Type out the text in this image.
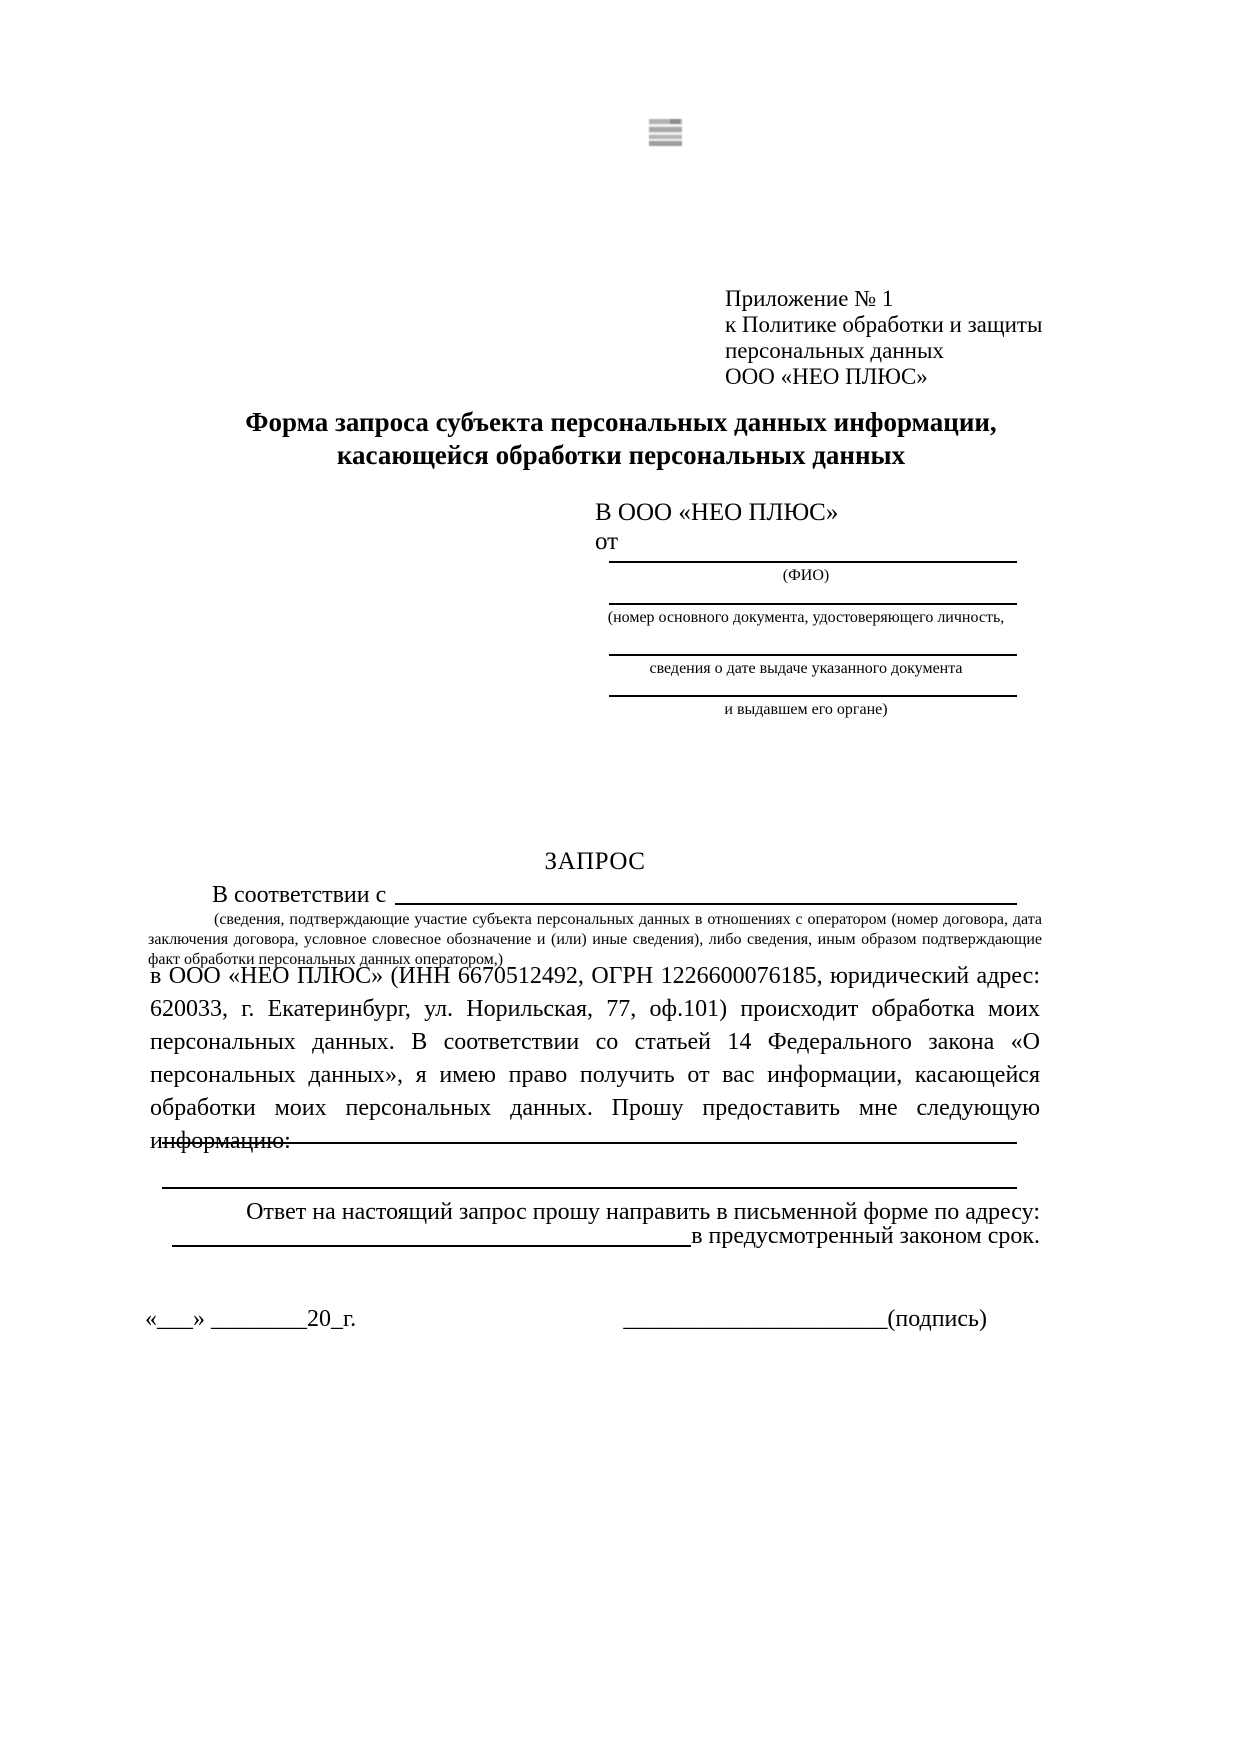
Приложение № 1
к Политике обработки и защиты
персональных данных
ООО «НЕО ПЛЮС»
Форма запроса субъекта персональных данных информации,
касающейся обработки персональных данных
В ООО «НЕО ПЛЮС»
от
(ФИО)
(номер основного документа, удостоверяющего личность,
сведения о дате выдаче указанного документа
и выдавшем его органе)
ЗАПРОС
В соответствии с

(сведения, подтверждающие участие субъекта персональных данных в отношениях с оператором (номер договора, дата заключения договора, условное словесное обозначение и (или) иные сведения), либо сведения, иным образом подтверждающие факт обработки персональных данных оператором,)

в ООО «НЕО ПЛЮС» (ИНН 6670512492, ОГРН 1226600076185, юридический адрес: 620033, г. Екатеринбург, ул. Норильская, 77, оф.101) происходит обработка моих персональных данных. В соответствии со статьей 14 Федерального закона «О персональных данных», я имею право получить от вас информации, касающейся обработки моих персональных данных. Прошу предоставить мне следующую информацию:

Ответ на настоящий запрос прошу направить в письменной форме по адресу:
в предусмотренный законом срок.
«___» ________20_г.	______________________(подпись)
